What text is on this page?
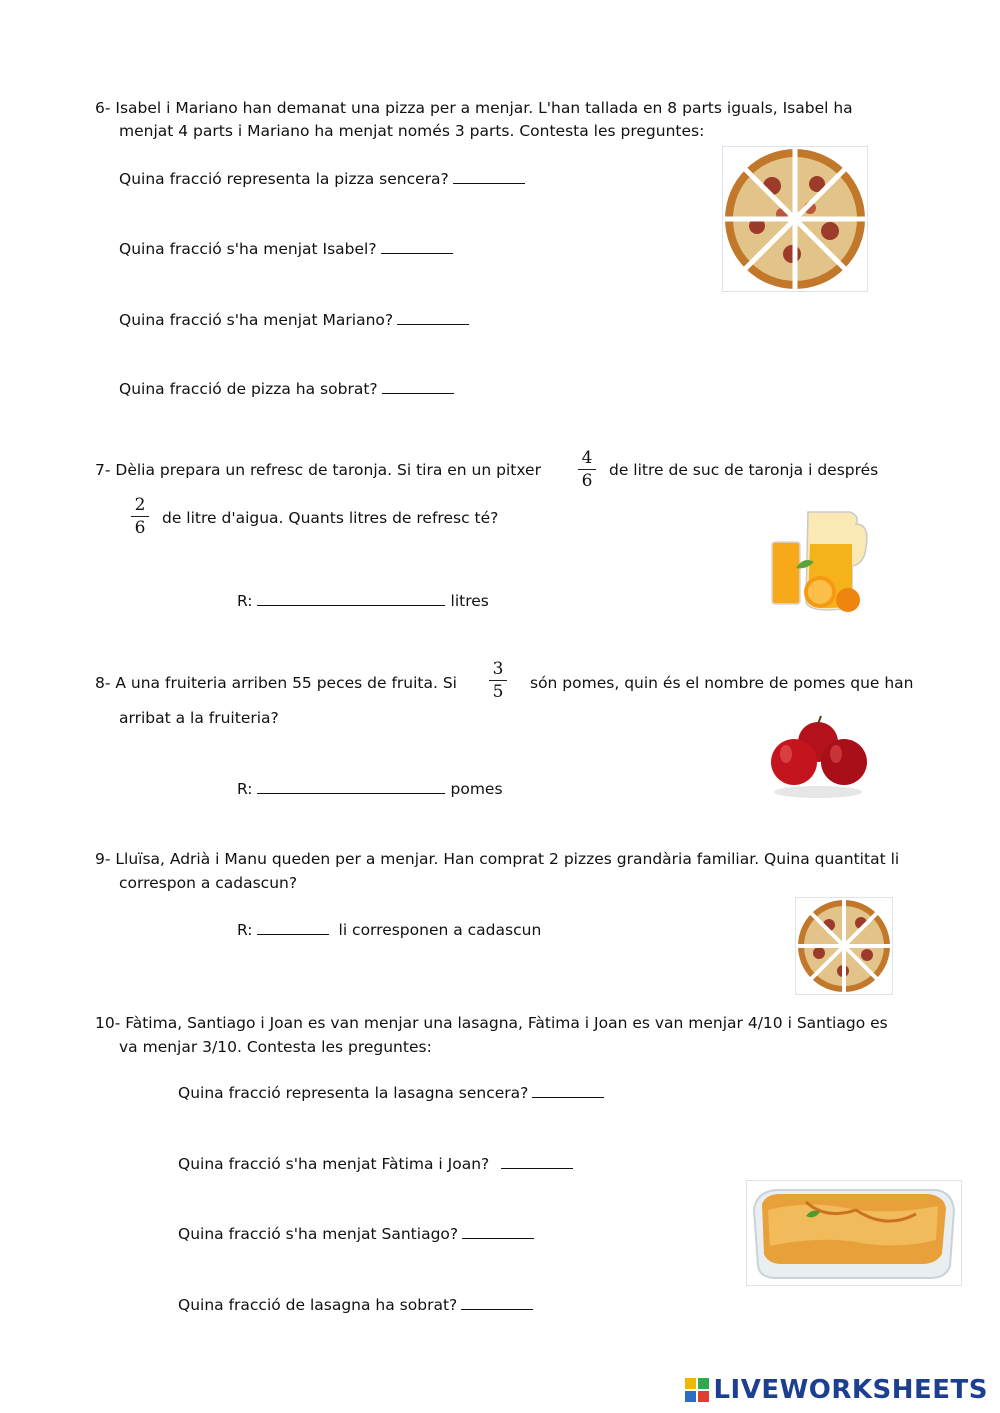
6- Isabel i Mariano han demanat una pizza per a menjar. L'han tallada en 8 parts iguals, Isabel ha
menjat 4 parts i Mariano ha menjat només 3 parts. Contesta les preguntes:
Quina fracció representa la pizza sencera?
Quina fracció s'ha menjat Isabel?
Quina fracció s'ha menjat Mariano?
Quina fracció de pizza ha sobrat?
7- Dèlia prepara un refresc de taronja. Si tira en un pitxer
4
6
de litre de suc de taronja i després
2
6 de litre d'aigua. Quants litres de refresc té?
R:	litres
8- A una fruiteria arriben 55 peces de fruita. Si
3
5 són pomes, quin és el nombre de pomes que han
arribat a la fruiteria?
R:	pomes
9- Lluïsa, Adrià i Manu queden per a menjar. Han comprat 2 pizzes grandària familiar. Quina quantitat li
correspon a cadascun?
R:	li corresponen a cadascun
10- Fàtima, Santiago i Joan es van menjar una lasagna, Fàtima i Joan es van menjar 4/10 i Santiago es
va menjar 3/10. Contesta les preguntes:
Quina fracció representa la lasagna sencera?
Quina fracció s'ha menjat Fàtima i Joan?
Quina fracció s'ha menjat Santiago?
Quina fracció de lasagna ha sobrat?
LIVEWORKSHEETS
